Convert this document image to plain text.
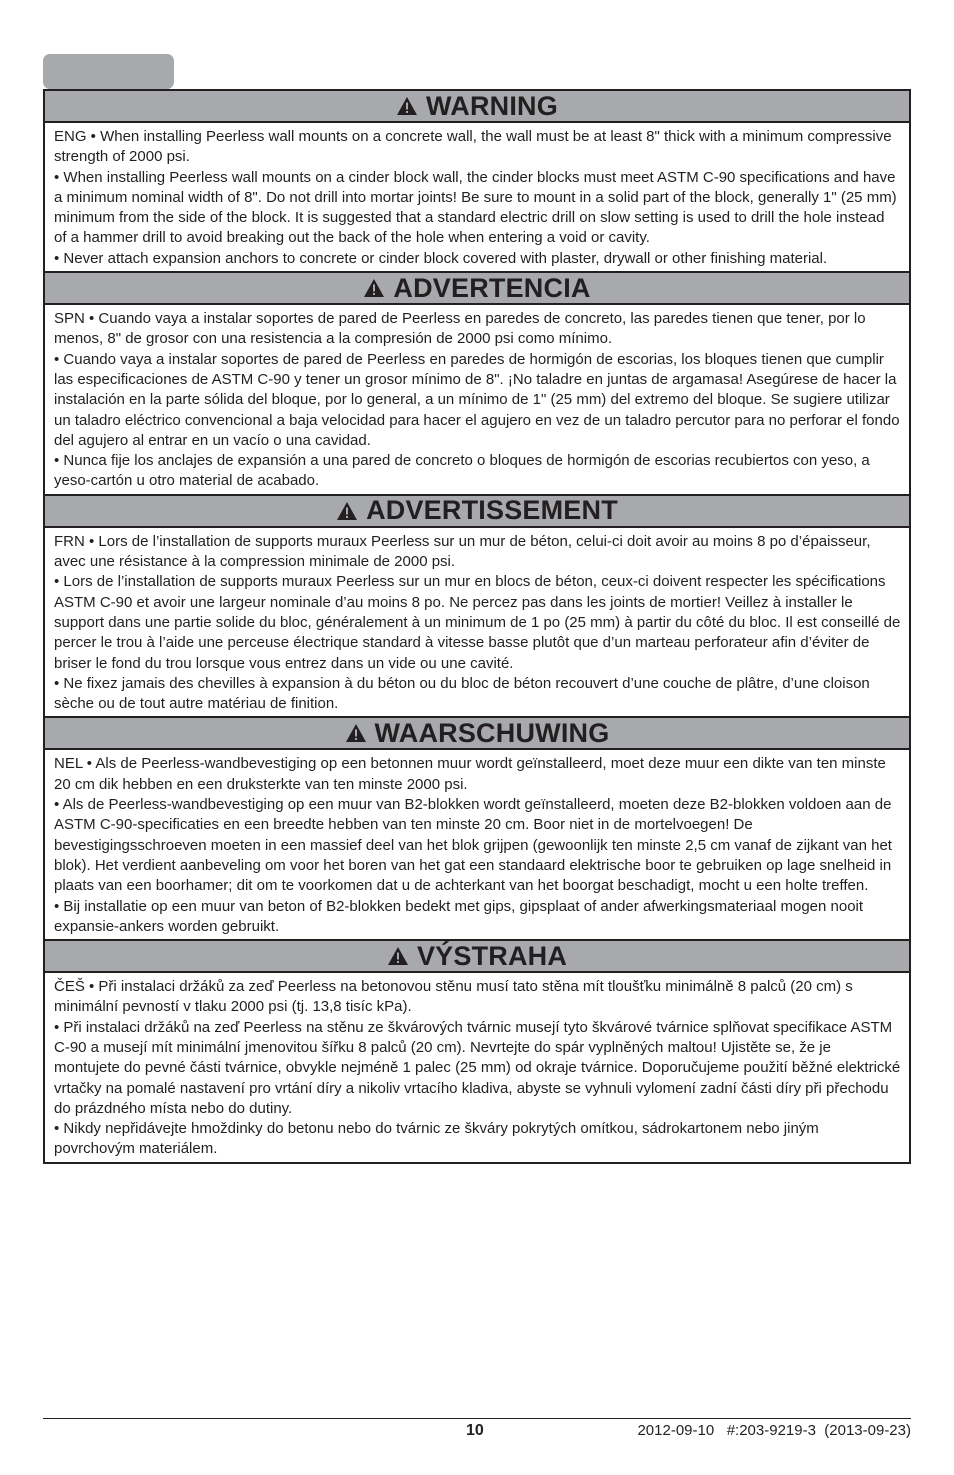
WARNING

ENG • When installing Peerless wall mounts on a concrete wall, the wall must be at least 8" thick with a minimum compressive strength of 2000 psi.

• When installing Peerless wall mounts on a cinder block wall, the cinder blocks must meet ASTM C-90 specifications and have a minimum nominal width of 8". Do not drill into mortar joints! Be sure to mount in a solid part of the block, generally 1" (25 mm) minimum from the side of the block. It is suggested that a standard electric drill on slow setting is used to drill the hole instead of a hammer drill to avoid breaking out the back of the hole when entering a void or cavity.

• Never attach expansion anchors to concrete or cinder block covered with plaster, drywall or other finishing material.

ADVERTENCIA

SPN • Cuando vaya a instalar soportes de pared de Peerless en paredes de concreto, las paredes tienen que tener, por lo menos, 8" de grosor con una resistencia a la compresión de 2000 psi como mínimo.

• Cuando vaya a instalar soportes de pared de Peerless en paredes de hormigón de escorias, los bloques tienen que cumplir las especificaciones de ASTM C-90 y tener un grosor mínimo de 8". ¡No taladre en juntas de argamasa! Asegúrese de hacer la instalación en la parte sólida del bloque, por lo general, a un mínimo de 1" (25 mm) del extremo del bloque. Se sugiere utilizar un taladro eléctrico convencional a baja velocidad para hacer el agujero en vez de un taladro percutor para no perforar el fondo del agujero al entrar en un vacío o una cavidad.

• Nunca fije los anclajes de expansión a una pared de concreto o bloques de hormigón de escorias recubiertos con yeso, a yeso-cartón u otro material de acabado.

ADVERTISSEMENT

FRN • Lors de l’installation de supports muraux Peerless sur un mur de béton, celui-ci doit avoir au moins 8 po d’épaisseur, avec une résistance à la compression minimale de 2000 psi.

• Lors de l’installation de supports muraux Peerless sur un mur en blocs de béton, ceux-ci doivent respecter les spécifications ASTM C-90 et avoir une largeur nominale d’au moins 8 po. Ne percez pas dans les joints de mortier! Veillez à installer le support dans une partie solide du bloc, généralement à un minimum de 1 po (25 mm) à partir du côté du bloc. Il est conseillé de percer le trou à l’aide une perceuse électrique standard à vitesse basse plutôt que d’un marteau perforateur afin d’éviter de briser le fond du trou lorsque vous entrez dans un vide ou une cavité.

• Ne fixez jamais des chevilles à expansion à du béton ou du bloc de béton recouvert d’une couche de plâtre, d’une cloison sèche ou de tout autre matériau de finition.

WAARSCHUWING

NEL • Als de Peerless-wandbevestiging op een betonnen muur wordt geïnstalleerd, moet deze muur een dikte van ten minste 20 cm dik hebben en een druksterkte van ten minste 2000 psi.

• Als de Peerless-wandbevestiging op een muur van B2-blokken wordt geïnstalleerd, moeten deze B2-blokken voldoen aan de ASTM C-90-specificaties en een breedte hebben van ten minste 20 cm. Boor niet in de mortelvoegen! De bevestigingsschroeven moeten in een massief deel van het blok grijpen (gewoonlijk ten minste 2,5 cm vanaf de zijkant van het blok). Het verdient aanbeveling om voor het boren van het gat een standaard elektrische boor te gebruiken op lage snelheid in plaats van een boorhamer; dit om te voorkomen dat u de achterkant van het boorgat beschadigt, mocht u een holte treffen.

• Bij installatie op een muur van beton of B2-blokken bedekt met gips, gipsplaat of ander afwerkingsmateriaal mogen nooit expansie-ankers worden gebruikt.

VÝSTRAHA

ČEŠ • Při instalaci držáků za zeď Peerless na betonovou stěnu musí tato stěna mít tloušťku minimálně 8 palců (20 cm) s minimální pevností v tlaku 2000 psi (tj. 13,8 tisíc kPa).

• Při instalaci držáků na zeď Peerless na stěnu ze škvárových tvárnic musejí tyto škvárové tvárnice splňovat specifikace ASTM C-90 a musejí mít minimální jmenovitou šířku 8 palců (20 cm). Nevrtejte do spár vyplněných maltou! Ujistěte se, že je montujete do pevné části tvárnice, obvykle nejméně 1 palec (25 mm) od okraje tvárnice. Doporučujeme použití běžné elektrické vrtačky na pomalé nastavení pro vrtání díry a nikoliv vrtacího kladiva, abyste se vyhnuli vylomení zadní části díry při přechodu do prázdného místa nebo do dutiny.

• Nikdy nepřidávejte hmoždinky do betonu nebo do tvárnic ze škváry pokrytých omítkou, sádrokartonem nebo jiným povrchovým materiálem.

10	2012-09-10   #:203-9219-3  (2013-09-23)
